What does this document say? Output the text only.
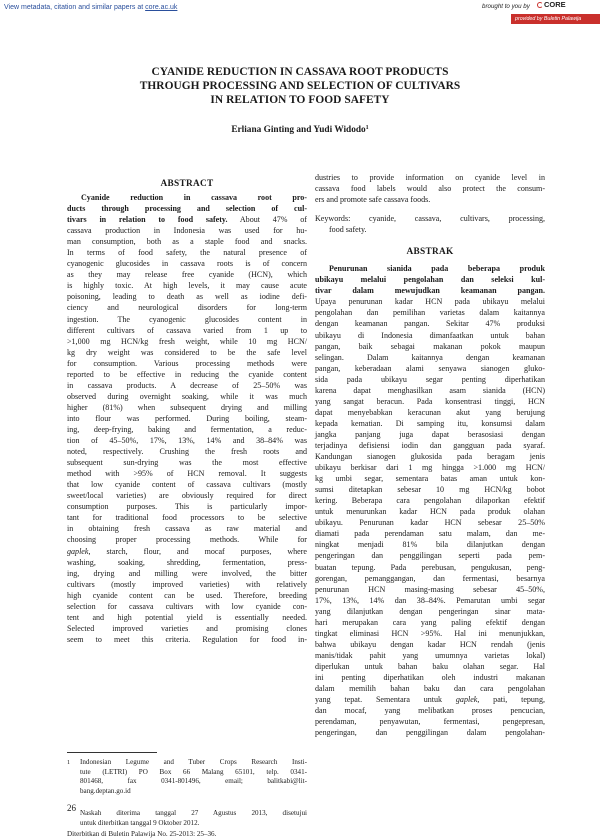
View metadata, citation and similar papers at core.ac.uk	brought to you by	CORE
provided by Buletin Palawija
CYANIDE REDUCTION IN CASSAVA ROOT PRODUCTS
THROUGH PROCESSING AND SELECTION OF CULTIVARS
IN RELATION TO FOOD SAFETY
Erliana Ginting and Yudi Widodo$^1$
ABSTRACT
Cyanide reduction in cassava root pro-
ducts through processing and selection of cul-
tivars in relation to food safety. About 47% of
cassava production in Indonesia was used for hu-
man consumption, both as a staple food and snacks.
In terms of food safety, the natural presence of
cyanogenic glucosides in cassava roots is of concern
as they may release free cyanide (HCN), which
is highly toxic. At high levels, it may cause acute
poisoning, leading to death as well as iodine defi-
ciency and neurological disorders for long-term
ingestion. The cyanogenic glucosides content in
different cultivars of cassava varied from 1 up to
>1,000 mg HCN/kg fresh weight, while 10 mg HCN/
kg dry weight was considered to be the safe level
for consumption. Various processing methods were
reported to be effective in reducing the cyanide content
in cassava products. A decrease of 25–50% was
observed during overnight soaking, while it was much
higher (81%) when subsequent drying and milling
into flour was performed. During boiling, steam-
ing, deep-frying, baking and fermentation, a reduc-
tion of 45–50%, 17%, 13%, 14% and 38–84% was
noted, respectively. Crushing the fresh roots and
subsequent sun-drying was the most effective
method with >95% of HCN removal. It suggests
that low cyanide content of cassava cultivars (mostly
sweet/local varieties) are obviously required for direct
consumption purposes. This is particularly impor-
tant for traditional food processors to be selective
in obtaining fresh cassava as raw material and
choosing proper processing methods. While for
gaplek, starch, flour, and mocaf purposes, where
washing, soaking, shredding, fermentation, press-
ing, drying and milling were involved, the bitter
cultivars (mostly improved varieties) with relatively
high cyanide content can be used. Therefore, breeding
selection for cassava cultivars with low cyanide con-
tent and high potential yield is essentially needed.
Selected improved varieties and promising clones
seem to meet this criteria. Regulation for food in-
1 Indonesian Legume and Tuber Crops Research Insti-
tute (LETRI) PO Box 66 Malang 65101, telp. 0341-
801468, fax 0341-801496, email; balitkabi@lit-
bang.deptan.go.id
Naskah diterima tanggal 27 Agustus 2013, disetujui
untuk diterbitkan tanggal 9 Oktober 2012.
Diterbitkan di Buletin Palawija No. 25-2013: 25–36.
26
dustries to provide information on cyanide level in
cassava food labels would also protect the consum-
ers and promote safe cassava foods.
Keywords: cyanide, cassava, cultivars, processing,
food safety.
ABSTRAK
Penurunan sianida pada beberapa produk
ubikayu melalui pengolahan dan seleksi kul-
tivar dalam mewujudkan keamanan pangan.
Upaya penurunan kadar HCN pada ubikayu melalui
pengolahan dan pemilihan varietas dalam kaitannya
dengan keamanan pangan. Sekitar 47% produksi
ubikayu di Indonesia dimanfaatkan untuk bahan
pangan, baik sebagai makanan pokok maupun
selingan. Dalam kaitannya dengan keamanan
pangan, keberadaan alami senyawa sianogen gluko-
sida pada ubikayu segar penting diperhatikan
karena dapat menghasilkan asam sianida (HCN)
yang sangat beracun. Pada konsentrasi tinggi, HCN
dapat menyebabkan keracunan akut yang berujung
kepada kematian. Di samping itu, konsumsi dalam
jangka panjang juga dapat berasosiasi dengan
terjadinya defisiensi iodin dan gangguan pada syaraf.
Kandungan sianogen glukosida pada beragam jenis
ubikayu berkisar dari 1 mg hingga >1.000 mg HCN/
kg umbi segar, sementara batas aman untuk kon-
sumsi ditetapkan sebesar 10 mg HCN/kg bobot
kering. Beberapa cara pengolahan dilaporkan efektif
untuk menurunkan kadar HCN pada produk olahan
ubikayu. Penurunan kadar HCN sebesar 25–50%
diamati pada perendaman satu malam, dan me-
ningkat menjadi 81% bila dilanjutkan dengan
pengeringan dan penggilingan seperti pada pem-
buatan tepung. Pada perebusan, pengukusan, peng-
gorengan, pemanggangan, dan fermentasi, besarnya
penurunan HCN masing-masing sebesar 45–50%,
17%, 13%, 14% dan 38–84%. Pemarutan umbi segar
yang dilanjutkan dengan pengeringan sinar mata-
hari merupakan cara yang paling efektif dengan
tingkat eliminasi HCN >95%. Hal ini menunjukkan,
bahwa ubikayu dengan kadar HCN rendah (jenis
manis/tidak pahit yang umumnya varietas lokal)
diperlukan untuk bahan baku olahan segar. Hal
ini penting diperhatikan oleh industri makanan
dalam memilih bahan baku dan cara pengolahan
yang tepat. Sementara untuk gaplek, pati, tepung,
dan mocaf, yang melibatkan proses pencucian,
perendaman, penyawutan, fermentasi, pengepresan,
pengeringan, dan penggilingan dalam pengolahan-
